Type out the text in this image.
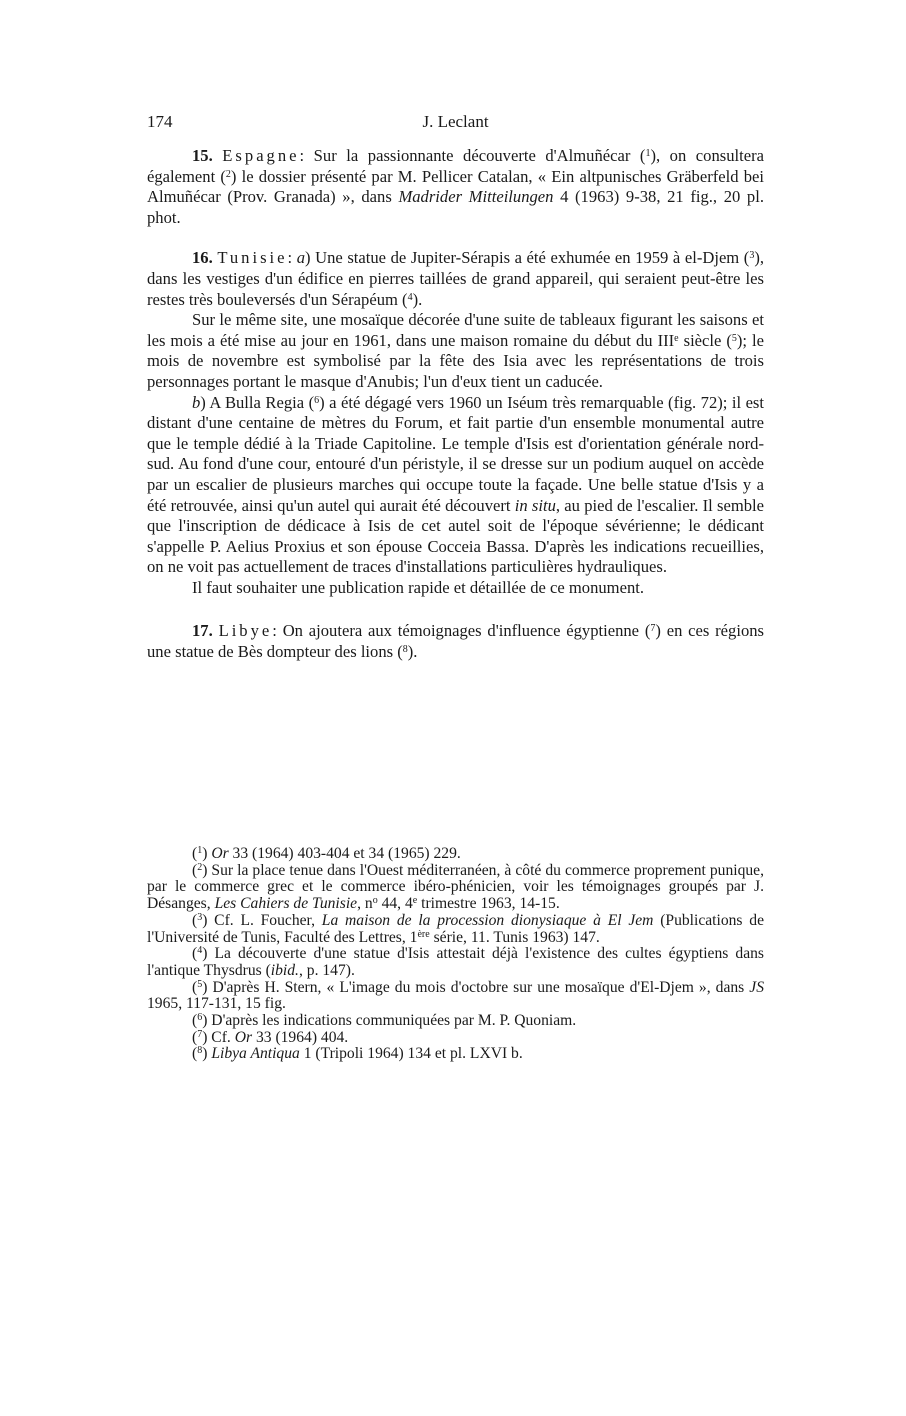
174	J. Leclant

15. Espagne: Sur la passionnante découverte d'Almuñécar ($^1$), on consultera également ($^2$) le dossier présenté par M. Pellicer Catalan, « Ein altpunisches Gräberfeld bei Almuñécar (Prov. Granada) », dans Madrider Mitteilungen 4 (1963) 9-38, 21 fig., 20 pl. phot.

16. Tunisie: a) Une statue de Jupiter-Sérapis a été exhumée en 1959 à el-Djem ($^3$), dans les vestiges d'un édifice en pierres taillées de grand appareil, qui seraient peut-être les restes très bouleversés d'un Sérapéum ($^4$).

Sur le même site, une mosaïque décorée d'une suite de tableaux figurant les saisons et les mois a été mise au jour en 1961, dans une maison romaine du début du IIIe siècle ($^5$); le mois de novembre est symbolisé par la fête des Isia avec les représentations de trois personnages portant le masque d'Anubis; l'un d'eux tient un caducée.

b) A Bulla Regia ($^6$) a été dégagé vers 1960 un Iséum très remarquable (fig. 72); il est distant d'une centaine de mètres du Forum, et fait partie d'un ensemble monumental autre que le temple dédié à la Triade Capitoline. Le temple d'Isis est d'orientation générale nord-sud. Au fond d'une cour, entouré d'un péristyle, il se dresse sur un podium auquel on accède par un escalier de plusieurs marches qui occupe toute la façade. Une belle statue d'Isis y a été retrouvée, ainsi qu'un autel qui aurait été découvert in situ, au pied de l'escalier. Il semble que l'inscription de dédicace à Isis de cet autel soit de l'époque sévérienne; le dédicant s'appelle P. Aelius Proxius et son épouse Cocceia Bassa. D'après les indications recueillies, on ne voit pas actuellement de traces d'installations particulières hydrauliques.

Il faut souhaiter une publication rapide et détaillée de ce monument.

17. Libye: On ajoutera aux témoignages d'influence égyptienne ($^7$) en ces régions une statue de Bès dompteur des lions ($^8$).

($^1$) Or 33 (1964) 403-404 et 34 (1965) 229.

($^2$) Sur la place tenue dans l'Ouest méditerranéen, à côté du commerce proprement punique, par le commerce grec et le commerce ibéro-phénicien, voir les témoignages groupés par J. Désanges, Les Cahiers de Tunisie, $n^o$ 44, 4e trimestre 1963, 14-15.

($^3$) Cf. L. Foucher, La maison de la procession dionysiaque à El Jem (Publications de l'Université de Tunis, Faculté des Lettres, 1ère série, 11. Tunis 1963) 147.

($^4$) La découverte d'une statue d'Isis attestait déjà l'existence des cultes égyptiens dans l'antique Thysdrus (ibid., p. 147).

($^5$) D'après H. Stern, « L'image du mois d'octobre sur une mosaïque d'El-Djem », dans JS 1965, 117-131, 15 fig.

($^6$) D'après les indications communiquées par M. P. Quoniam.

($^7$) Cf. Or 33 (1964) 404.

($^8$) Libya Antiqua 1 (Tripoli 1964) 134 et pl. LXVI b.
